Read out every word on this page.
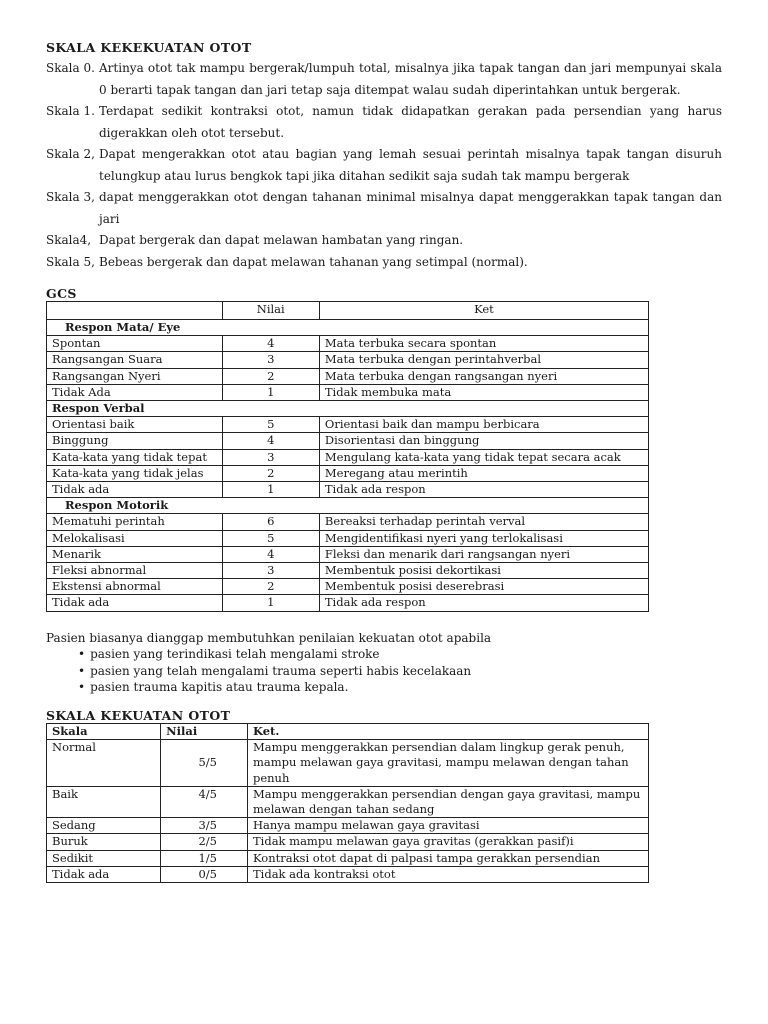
SKALA KEKEKUATAN OTOT
Skala 0. Artinya otot tak mampu bergerak/lumpuh total, misalnya jika tapak tangan dan jari mempunyai skala
0 berarti tapak tangan dan jari tetap saja ditempat walau sudah diperintahkan untuk bergerak.
Skala 1. Terdapat sedikit kontraksi otot, namun tidak didapatkan gerakan pada persendian yang harus
digerakkan oleh otot tersebut.
Skala 2, Dapat mengerakkan otot atau bagian yang lemah sesuai perintah misalnya tapak tangan disuruh
telungkup atau lurus bengkok tapi jika ditahan sedikit saja sudah tak mampu bergerak
Skala 3, dapat menggerakkan otot dengan tahanan minimal misalnya dapat menggerakkan tapak tangan dan
jari
Skala4, Dapat bergerak dan dapat melawan hambatan yang ringan.
Skala 5, Bebeas bergerak dan dapat melawan tahanan yang setimpal (normal).
GCS
	Nilai	Ket
Respon Mata/ Eye		
Spontan	4	Mata terbuka secara spontan
Rangsangan Suara	3	Mata terbuka dengan perintahverbal
Rangsangan Nyeri	2	Mata terbuka dengan rangsangan nyeri
Tidak Ada	1	Tidak membuka mata
Respon Verbal		
Orientasi baik	5	Orientasi baik dan mampu berbicara
Binggung	4	Disorientasi dan binggung
Kata-kata yang tidak tepat	3	Mengulang kata-kata yang tidak tepat secara acak
Kata-kata yang tidak jelas	2	Meregang atau merintih
Tidak ada	1	Tidak ada respon
Respon Motorik		
Mematuhi perintah	6	Bereaksi terhadap perintah verval
Melokalisasi	5	Mengidentifikasi nyeri yang terlokalisasi
Menarik	4	Fleksi dan menarik dari rangsangan nyeri
Fleksi abnormal	3	Membentuk posisi dekortikasi
Ekstensi abnormal	2	Membentuk posisi deserebrasi
Tidak ada	1	Tidak ada respon
Pasien biasanya dianggap membutuhkan penilaian kekuatan otot apabila
• pasien yang terindikasi telah mengalami stroke
• pasien yang telah mengalami trauma seperti habis kecelakaan
• pasien trauma kapitis atau trauma kepala.
SKALA KEKUATAN OTOT
Skala	Nilai	Ket.
Normal	5/5	Mampu menggerakkan persendian dalam lingkup gerak penuh, mampu melawan gaya gravitasi, mampu melawan dengan tahan penuh
Baik	4/5	Mampu menggerakkan persendian dengan gaya gravitasi, mampu melawan dengan tahan sedang
Sedang	3/5	Hanya mampu melawan gaya gravitasi
Buruk	2/5	Tidak mampu melawan gaya gravitas (gerakkan pasif)i
Sedikit	1/5	Kontraksi otot dapat di palpasi tampa gerakkan persendian
Tidak ada	0/5	Tidak ada kontraksi otot
